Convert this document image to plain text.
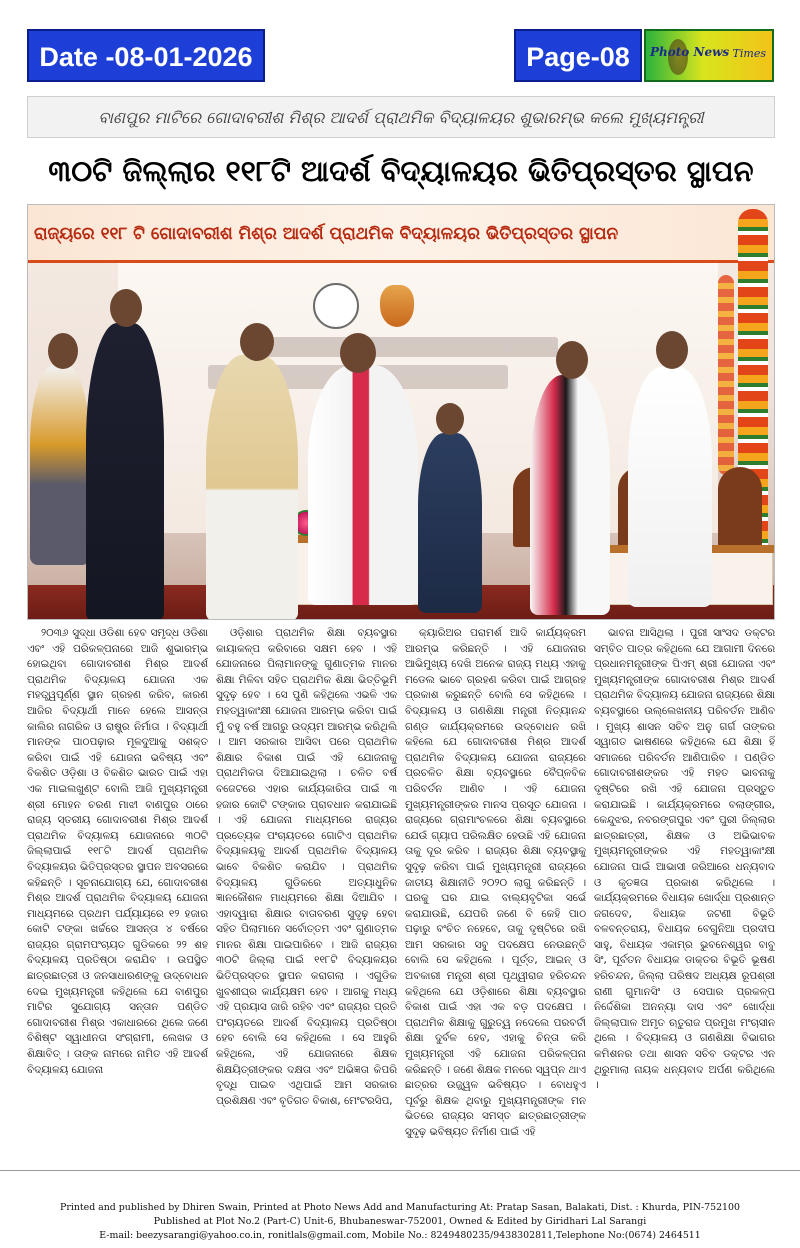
Date -08-01-2026	Page-08	Photo News Times
ବାଣପୁର ମାଟିରେ ଗୋଦାବରୀଶ ମିଶ୍ର ଆଦର୍ଶ ପ୍ରାଥମିକ ବିଦ୍ୟାଳୟର ଶୁଭାରମ୍ଭ କଲେ ମୁଖ୍ୟମନ୍ତ୍ରୀ
୩୦ଟି ଜିଲ୍ଲାର ୧୧୮ଟି ଆଦର୍ଶ ବିଦ୍ୟାଳୟର ଭିତିପ୍ରସ୍ତର ସ୍ଥାପନ
ରାଜ୍ୟରେ ୧୧୮ ଟି ଗୋଦାବରୀଶ ମିଶ୍ର ଆଦର୍ଶ ପ୍ରାଥମିକ ବିଦ୍ୟାଳୟର ଭିତିପ୍ରସ୍ତର ସ୍ଥାପନ

୨୦୩୬ ସୁଦ୍ଧା ଓଡିଶା ହେବ ସମୃଦ୍ଧ ଓଡିଶା ଏବଂ ଏହି ପରିକଳ୍ପନାରେ ଆଜି ଶୁଭାରମ୍ଭ ହୋଇଥିବା ଗୋଦାବରୀଶ ମିଶ୍ର ଆଦର୍ଶ ପ୍ରାଥମିକ ବିଦ୍ୟାଳୟ ଯୋଜନା ଏକ ମହତ୍ତ୍ୱପୂର୍ଣ୍ଣ ସ୍ଥାନ ଗ୍ରହଣ କରିବ, କାରଣ ଆଜିର ବିଦ୍ୟାର୍ଥୀ ମାନେ ହେଲେ ଆସନ୍ତା କାଲିର ନାଗରିକ ଓ ରାଷ୍ଟ୍ର ନିର୍ମାତା । ବିଦ୍ୟାର୍ଥୀ ମାନଙ୍କ ପାଠପଢ଼ାର ମୂଳଦୁଆକୁ ସଶକ୍ତ କରିବା ପାଇଁ ଏହି ଯୋଜନା ଭବିଷ୍ୟ ଏବଂ ବିକଶିତ ଓଡ଼ିଶା ଓ ବିକଶିତ ଭାରତ ପାଇଁ ଏହା ଏକ ମାଇଲଖୁଣ୍ଟ ବୋଲି ଆଜି ମୁଖ୍ୟମନ୍ତ୍ରୀ ଶ୍ରୀ ମୋହନ ଚରଣ ମାଝୀ ବାଣପୁର ଠାରେ ରାଜ୍ୟ ସ୍ତରୀୟ ଗୋଦାବରୀଶ ମିଶ୍ର ଆଦର୍ଶ ପ୍ରାଥମିକ ବିଦ୍ୟାଳୟ ଯୋଜନାରେ ୩୦ଟି ଜିଲ୍ଲାପାଇଁ ୧୧୮ଟି ଆଦର୍ଶ ପ୍ରାଥମିକ ବିଦ୍ୟାଳୟର ଭିତିପ୍ରସ୍ତର ସ୍ଥାପନ ଅବସରରେ କହିଛନ୍ତି । ସୂଚନାଯୋଗ୍ୟ ଯେ, ଗୋଦାବରୀଶ ମିଶ୍ର ଆଦର୍ଶ ପ୍ରାଥମିକ ବିଦ୍ୟାଳୟ ଯୋଜନା ମାଧ୍ୟମରେ ପ୍ରଥମ ପର୍ଯ୍ୟାୟରେ ୧୨ ହଜାର କୋଟି ଟଙ୍କା ଖର୍ଚ୍ଚରେ ଆସନ୍ତା ୪ ବର୍ଷରେ ରାଜ୍ୟର ଗ୍ରାମପଂଚାୟତ ଗୁଡିକରେ ୨୨ ଶହ ବିଦ୍ୟାଳୟ ପ୍ରତିଷ୍ଠା କରାଯିବ । ଉପସ୍ଥିତ ଛାତ୍ରଛାତ୍ରୀ ଓ ଜନସାଧାରଣଙ୍କୁ ଉଦ୍‌ବୋଧନ ଦେଇ ମୁଖ୍ୟମନ୍ତ୍ରୀ କହିଥିଲେ ଯେ ବାଣପୁର ମାଟିର ସୁଯୋଗ୍ୟ ସନ୍ତାନ ପଣ୍ଡିତ ଗୋଦାବରୀଶ ମିଶ୍ର ଏକାଧାରରେ ଥିଲେ ଜଣେ ବିଶିଷ୍ଟ ସ୍ୱାଧୀନତା ସଂଗ୍ରାମୀ, ଲେଖକ ଓ ଶିକ୍ଷାବିତ୍ । ତାଙ୍କ ନାମରେ ନାମିତ ଏହି ଆଦର୍ଶ ବିଦ୍ୟାଳୟ ଯୋଜନା

ଓଡ଼ିଶାର ପ୍ରାଥମିକ ଶିକ୍ଷା ବ୍ୟବସ୍ଥାର କାୟାକଳ୍ପ କରିବାରେ ସକ୍ଷମ ହେବ । ଏହି ଯୋଜନାରେ ପିଲାମାନଙ୍କୁ ଗୁଣାତ୍ମକ ମାନର ଶିକ୍ଷା ମିଳିବା ସହିତ ପ୍ରାଥମିକ ଶିକ୍ଷା ଭିତ୍ତିଭୂମି ସୁଦୃଢ଼ ହେବ । ସେ ପୁଣି କହିଥିଲେ ଏଭଳି ଏକ ମହତ୍ୱାକାଂକ୍ଷୀ ଯୋଜନା ଆରମ୍ଭ କରିବା ପାଇଁ ମୁଁ ବହୁ ବର୍ଷ ଆଗରୁ ଉଦ୍ୟମ ଆରମ୍ଭ କରିଥିଲି । ଆମ ସରକାର ଆସିବା ପରେ ପ୍ରାଥମିକ ଶିକ୍ଷାର ବିକାଶ ପାଇଁ ଏହି ଯୋଜନାକୁ ପ୍ରାଥମିକତା ଦିଆଯାଇଥିଲା । ଚଳିତ ବର୍ଷ ବଜେଟରେ ଏହାର କାର୍ଯ୍ୟକାରିତା ପାଇଁ ୩ ହଜାର କୋଟି ଟଙ୍କାର ପ୍ରାବଧାନ କରାଯାଇଛି । ଏହି ଯୋଜନା ମାଧ୍ୟମରେ ରାଜ୍ୟର ପ୍ରତ୍ୟେକ ପଂଚାୟତରେ ଗୋଟିଏ ପ୍ରାଥମିକ ବିଦ୍ୟାଳୟକୁ ଆଦର୍ଶ ପ୍ରାଥମିକ ବିଦ୍ୟାଳୟ ଭାବେ ବିକଶିତ କରାଯିବ । ପ୍ରାଥମିକ ବିଦ୍ୟାଳୟ ଗୁଡିକରେ ଅତ୍ୟାଧୁନିକ ଜ୍ଞାନକୌଶଳ ମାଧ୍ୟମରେ ଶିକ୍ଷା ଦିଆଯିବ । ଏହାଦ୍ୱାରା ଶିକ୍ଷାର ବାତାବରଣ ସୁଦୃଢ଼ ହେବା ସହିତ ପିଲାମାନେ ସର୍ବୋତ୍ତମ ଏବଂ ଗୁଣାତ୍ମକ ମାନର ଶିକ୍ଷା ପାଇପାରିବେ । ଆଜି ରାଜ୍ୟର ୩୦ଟି ଜିଲ୍ଲା ପାଇଁ ୧୧୮ଟି ବିଦ୍ୟାଳୟର ଭିତିପ୍ରସ୍ତର ସ୍ଥାପନ କରାଗଲା । ଏଗୁଡିକ ଖୁବଶୀଘ୍ର କାର୍ଯ୍ୟକ୍ଷମ ହେବ । ଆଗକୁ ମଧ୍ୟ ଏହି ପ୍ରୟାସ ଜାରି ରହିବ ଏବଂ ରାଜ୍ୟର ପ୍ରତି ପଂଚାୟତରେ ଆଦର୍ଶ ବିଦ୍ୟାଳୟ ପ୍ରତିଷ୍ଠା ହେବ ବୋଲି ସେ କହିଥିଲେ । ସେ ଆହୁରି କହିଥିଲେ, ଏହି ଯୋଜନାରେ ଶିକ୍ଷକ ଶିକ୍ଷୟିତ୍ରୀଙ୍କର ଦକ୍ଷତା ଏବଂ ଅଭିଜ୍ଞତା କିପରି ବୃଦ୍ଧି ପାଇବ ଏଥିପାଇଁ ଆମ ସରକାର ପ୍ରଶିକ୍ଷଣ ଏବଂ ବୃତିଗତ ବିକାଶ, ମେଂଟରସିପ,

କ୍ୟାରିଅର ପରାମର୍ଶ ଆଦି କାର୍ଯ୍ୟକ୍ରମ ଆରମ୍ଭ କରିଛନ୍ତି । ଏହି ଯୋଜନାର ଆଭିମୁଖ୍ୟ ଦେଖି ଅନେକ ରାଜ୍ୟ ମଧ୍ୟ ଏହାକୁ ମଡେଲ ଭାବେ ଗ୍ରହଣ କରିବା ପାଇଁ ଆଗ୍ରହ ପ୍ରକାଶ କରୁଛନ୍ତି ବୋଲି ସେ କହିଥିଲେ । ବିଦ୍ୟାଳୟ ଓ ଗଣଶିକ୍ଷା ମନ୍ତ୍ରୀ ନିତ୍ୟାନନ୍ଦ ଗଣ୍ଡ କାର୍ଯ୍ୟକ୍ରମରେ ଉଦ୍‌ବୋଧନ ରଖି କହିଲେ ଯେ ଗୋଦାବରୀଶ ମିଶ୍ର ଆଦର୍ଶ ପ୍ରାଥମିକ ବିଦ୍ୟାଳୟ ଯୋଜନା ରାଜ୍ୟରେ ପ୍ରଚଳିତ ଶିକ୍ଷା ବ୍ୟବସ୍ଥାରେ ବୈପ୍ଳବିକ ପରିବର୍ତନ ଆଣିବ । ଏହି ଯୋଜନା ମୁଖ୍ୟମନ୍ତ୍ରୀଙ୍କର ମାନସ ପ୍ରସୂତ ଯୋଜନା । ରାଜ୍ୟରେ ଗ୍ରାମାଂଚଳରେ ଶିକ୍ଷା ବ୍ୟବସ୍ଥାରେ ଯେଉଁ ଗ୍ୟାପ ପରିଲକ୍ଷିତ ହେଉଛି ଏହି ଯୋଜନା ତାକୁ ଦୂର କରିବ । ରାଜ୍ୟର ଶିକ୍ଷା ବ୍ୟବସ୍ଥାକୁ ସୁଦୃଢ଼ କରିବା ପାଇଁ ମୁଖ୍ୟମନ୍ତ୍ରୀ ରାଜ୍ୟରେ ଜାତୀୟ ଶିକ୍ଷାନୀତି ୨୦୨୦ ଲାଗୁ କରିଛନ୍ତି । ଘରକୁ ଘର ଯାଇ ବାଲ୍ୟବୃଟିକା ସର୍ଭେ କରାଯାଉଛି, ଯେପରି ଜଣେ ବି କେହି ପାଠ ପଢ଼ାରୁ ବଂଚିତ ନହେବେ, ତାକୁ ଦୃଷ୍ଟିରେ ରଖି ଆମ ସରକାର ସବୁ ପଦକ୍ଷେପ ନେଉଛନ୍ତି ବୋଲି ସେ କହିଥିଲେ । ପୂର୍ତ୍ତ, ଆଇନ୍ ଓ ଅବକାରୀ ମନ୍ତ୍ରୀ ଶ୍ରୀ ପୃଥ୍ୱୀରାଜ ହରିଚନ୍ଦନ କହିଥିଲେ ଯେ ଓଡ଼ିଶାରେ ଶିକ୍ଷା ବ୍ୟବସ୍ଥାର ବିକାଶ ପାଇଁ ଏହା ଏକ ବଡ଼ ପଦକ୍ଷେପ । ପ୍ରାଥମିକ ଶିକ୍ଷାକୁ ଗୁରୁତ୍ୱ ନଦେଲେ ପରବର୍ତୀ ଶିକ୍ଷା ଦୁର୍ବଳ ହେବ, ଏହାକୁ ଚିନ୍ତା କରି ମୁଖ୍ୟମନ୍ତ୍ରୀ ଏହି ଯୋଜନା ପରିକଳ୍ପନା କରିଛନ୍ତି । ଜଣେ ଶିକ୍ଷକ ମନରେ ସ୍ୱପ୍ନ ଥାଏ ଛାତ୍ରର ଉଜ୍ଜ୍ୱଳ ଭବିଷ୍ୟତ । ବୋଧହୁଏ ପୂର୍ବରୁ ଶିକ୍ଷକ ଥିବାରୁ ମୁଖ୍ୟମନ୍ତ୍ରୀଙ୍କ ମନ ଭିତରେ ରାଜ୍ୟର ସମସ୍ତ ଛାତ୍ରଛାତ୍ରୀଙ୍କ ସୁଦୃଢ଼ ଭବିଷ୍ୟତ ନିର୍ମାଣ ପାଇଁ ଏହି

ଭାବନା ଆସିଥିଲା । ପୁରୀ ସାଂସଦ ଡକ୍ଟର ସମ୍ବିତ ପାତ୍ର କହିଥିଲେ ଯେ ଆଗାମୀ ଦିନରେ ପ୍ରଧାନମନ୍ତ୍ରୀଙ୍କ ପିଏମ୍ ଶ୍ରୀ ଯୋଜନା ଏବଂ ମୁଖ୍ୟମନ୍ତ୍ରୀଙ୍କ ଗୋଦାବରୀଶ ମିଶ୍ର ଆଦର୍ଶ ପ୍ରାଥମିକ ବିଦ୍ୟାଳୟ ଯୋଜନା ରାଜ୍ୟରେ ଶିକ୍ଷା ବ୍ୟବସ୍ଥାରେ ଉଲ୍ଲେଖନୀୟ ପରିବର୍ତନ ଆଣିବ । ମୁଖ୍ୟ ଶାସନ ସଚିବ ଅନୁ ଗର୍ଗ ତାଙ୍କର ସ୍ୱାଗତ ଭାଷଣରେ କହିଥିଲେ ଯେ ଶିକ୍ଷା ହିଁ ସମାଜରେ ପରିବର୍ତନ ଆଣିପାରିବ । ପଣ୍ଡିତ ଗୋଦାବରୀଶଙ୍କର ଏହି ମହତ ଭାବନାକୁ ଦୃଷ୍ଟିରେ ରଖି ଏହି ଯୋଜନା ପ୍ରସ୍ତୁତ କରାଯାଇଛି । କାର୍ଯ୍ୟକ୍ରମରେ ବଲାଙ୍ଗୀର, କେନ୍ଦୁଝର, ନବରଙ୍ଗପୁର ଏବଂ ପୁରୀ ଜିଲ୍ଲାର ଛାତ୍ରଛାତ୍ରୀ, ଶିକ୍ଷକ ଓ ଅଭିଭାବକ ମୁଖ୍ୟମନ୍ତ୍ରୀଙ୍କର ଏହି ମହତ୍ୱାକାଂକ୍ଷୀ ଯୋଜନା ପାଇଁ ଆଭାସୀ ଜରିଆରେ ଧନ୍ୟବାଦ ଓ କୃତଜ୍ଞତା ପ୍ରକାଶ କରିଥିଲେ । କାର୍ଯ୍ୟକ୍ରମରେ ବିଧାୟକ ଖୋର୍ଦ୍ଧା ପ୍ରଶାନ୍ତ ଜଗଦେବ, ବିଧାୟକ ଜଟଣୀ ବିଭୂତି ବଳବନ୍ତରାୟ, ବିଧାୟକ ବେଗୁନିଆ ପ୍ରଦୀପ ସାହୁ, ବିଧାୟକ ଏକାମ୍ର ଭୁବନେଶ୍ୱର ବାବୁ ସିଂ, ପୂର୍ବତନ ବିଧାୟକ ଡାକ୍ତର ବିଭୂତି ଭୂଷଣ ହରିଚନ୍ଦନ, ଜିଲ୍ଲା ପରିଷଦ ଅଧ୍ୟକ୍ଷ ରୂପଶ୍ରୀ ରାଣୀ ଗୁମାନସିଂ ଓ ସେପାର ପ୍ରକଳ୍ପ ନିର୍ଦ୍ଦେଶିକା ଅନନ୍ୟା ଦାସ ଏବଂ ଖୋର୍ଦ୍ଧା ଜିଲ୍ଲାପାଳ ଅମୃତ ଋତୁରାଜ ପ୍ରମୁଖ ମଂଚାସୀନ ଥିଲେ । ବିଦ୍ୟାଳୟ ଓ ଗଣଶିକ୍ଷା ବିଭାଗର କମିଶନର ତଥା ଶାସନ ସଚିବ ଡକ୍ଟର ଏନ ଥିରୁମାଲା ନାୟକ ଧନ୍ୟବାଦ ଅର୍ପଣ କରିଥିଲେ ।

Printed and published by Dhiren Swain, Printed at Photo News Add and Manufacturing At: Pratap Sasan, Balakati, Dist. : Khurda, PIN-752100
Published at Plot No.2 (Part-C) Unit-6, Bhubaneswar-752001, Owned & Edited by Giridhari Lal Sarangi
E-mail: beezysarangi@yahoo.co.in, ronitlals@gmail.com, Mobile No.: 8249480235/9438302811,Telephone No:(0674) 2464511
